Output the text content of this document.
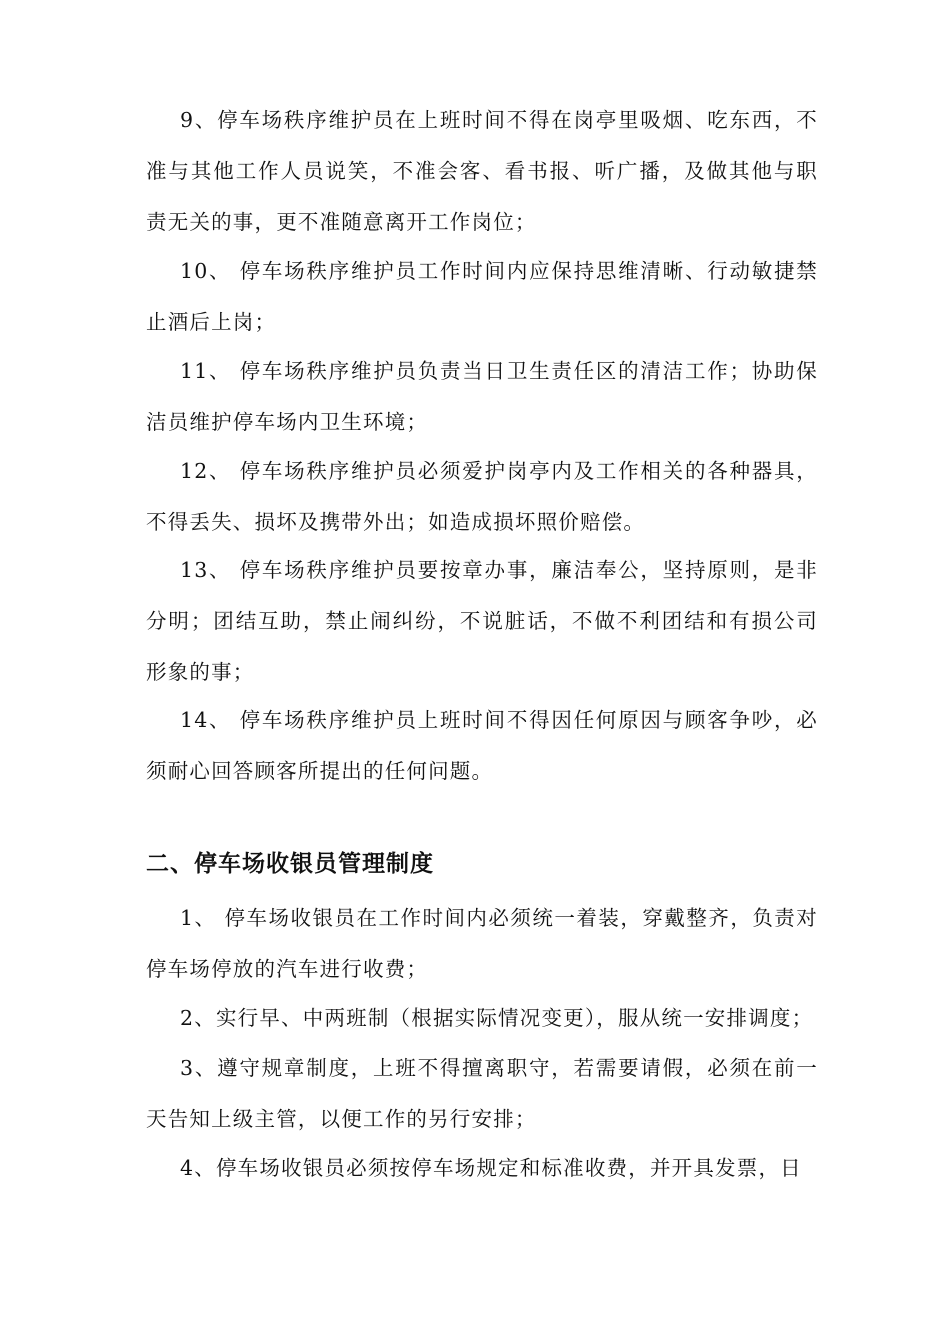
9、停车场秩序维护员在上班时间不得在岗亭里吸烟、吃东西，不准与其他工作人员说笑，不准会客、看书报、听广播，及做其他与职责无关的事，更不准随意离开工作岗位；

10、 停车场秩序维护员工作时间内应保持思维清晰、行动敏捷禁止酒后上岗；

11、 停车场秩序维护员负责当日卫生责任区的清洁工作；协助保洁员维护停车场内卫生环境；

12、 停车场秩序维护员必须爱护岗亭内及工作相关的各种器具，不得丢失、损坏及携带外出；如造成损坏照价赔偿。

13、 停车场秩序维护员要按章办事，廉洁奉公，坚持原则，是非分明；团结互助，禁止闹纠纷，不说脏话，不做不利团结和有损公司形象的事；

14、 停车场秩序维护员上班时间不得因任何原因与顾客争吵，必须耐心回答顾客所提出的任何问题。

二、停车场收银员管理制度

1、 停车场收银员在工作时间内必须统一着装，穿戴整齐，负责对停车场停放的汽车进行收费；

2、实行早、中两班制（根据实际情况变更），服从统一安排调度；

3、遵守规章制度，上班不得擅离职守，若需要请假，必须在前一天告知上级主管，以便工作的另行安排；

4、停车场收银员必须按停车场规定和标准收费，并开具发票，日
